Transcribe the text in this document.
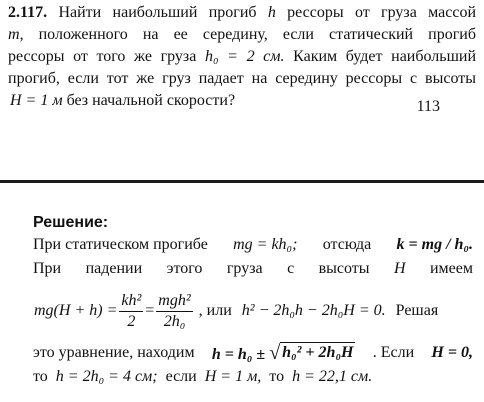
2.117. Найти наибольший прогиб h рессоры от груза массой
m, положенного на ее середину, если статический прогиб
рессоры от того же груза h₀ = 2 см. Каким будет наибольший
прогиб, если тот же груз падает на середину рессоры с высоты
H = 1 м без начальной скорости?	113
Решение:
При статическом прогибе mg = kh₀; отсюда k = mg / h₀.
При падении этого груза с высоты H имеем
$mg(H + h) = \frac{\text{kh²}}{2} = \frac{\text{mgh²}}{\text{2h₀}}$ , или h² − 2h₀h − 2h₀H = 0. Решая
это уравнение, находим h = h₀ ± √ h₀² + 2h₀H . Если H = 0,
то h = 2h₀ = 4 см; если H = 1 м, то h = 22,1 см.
